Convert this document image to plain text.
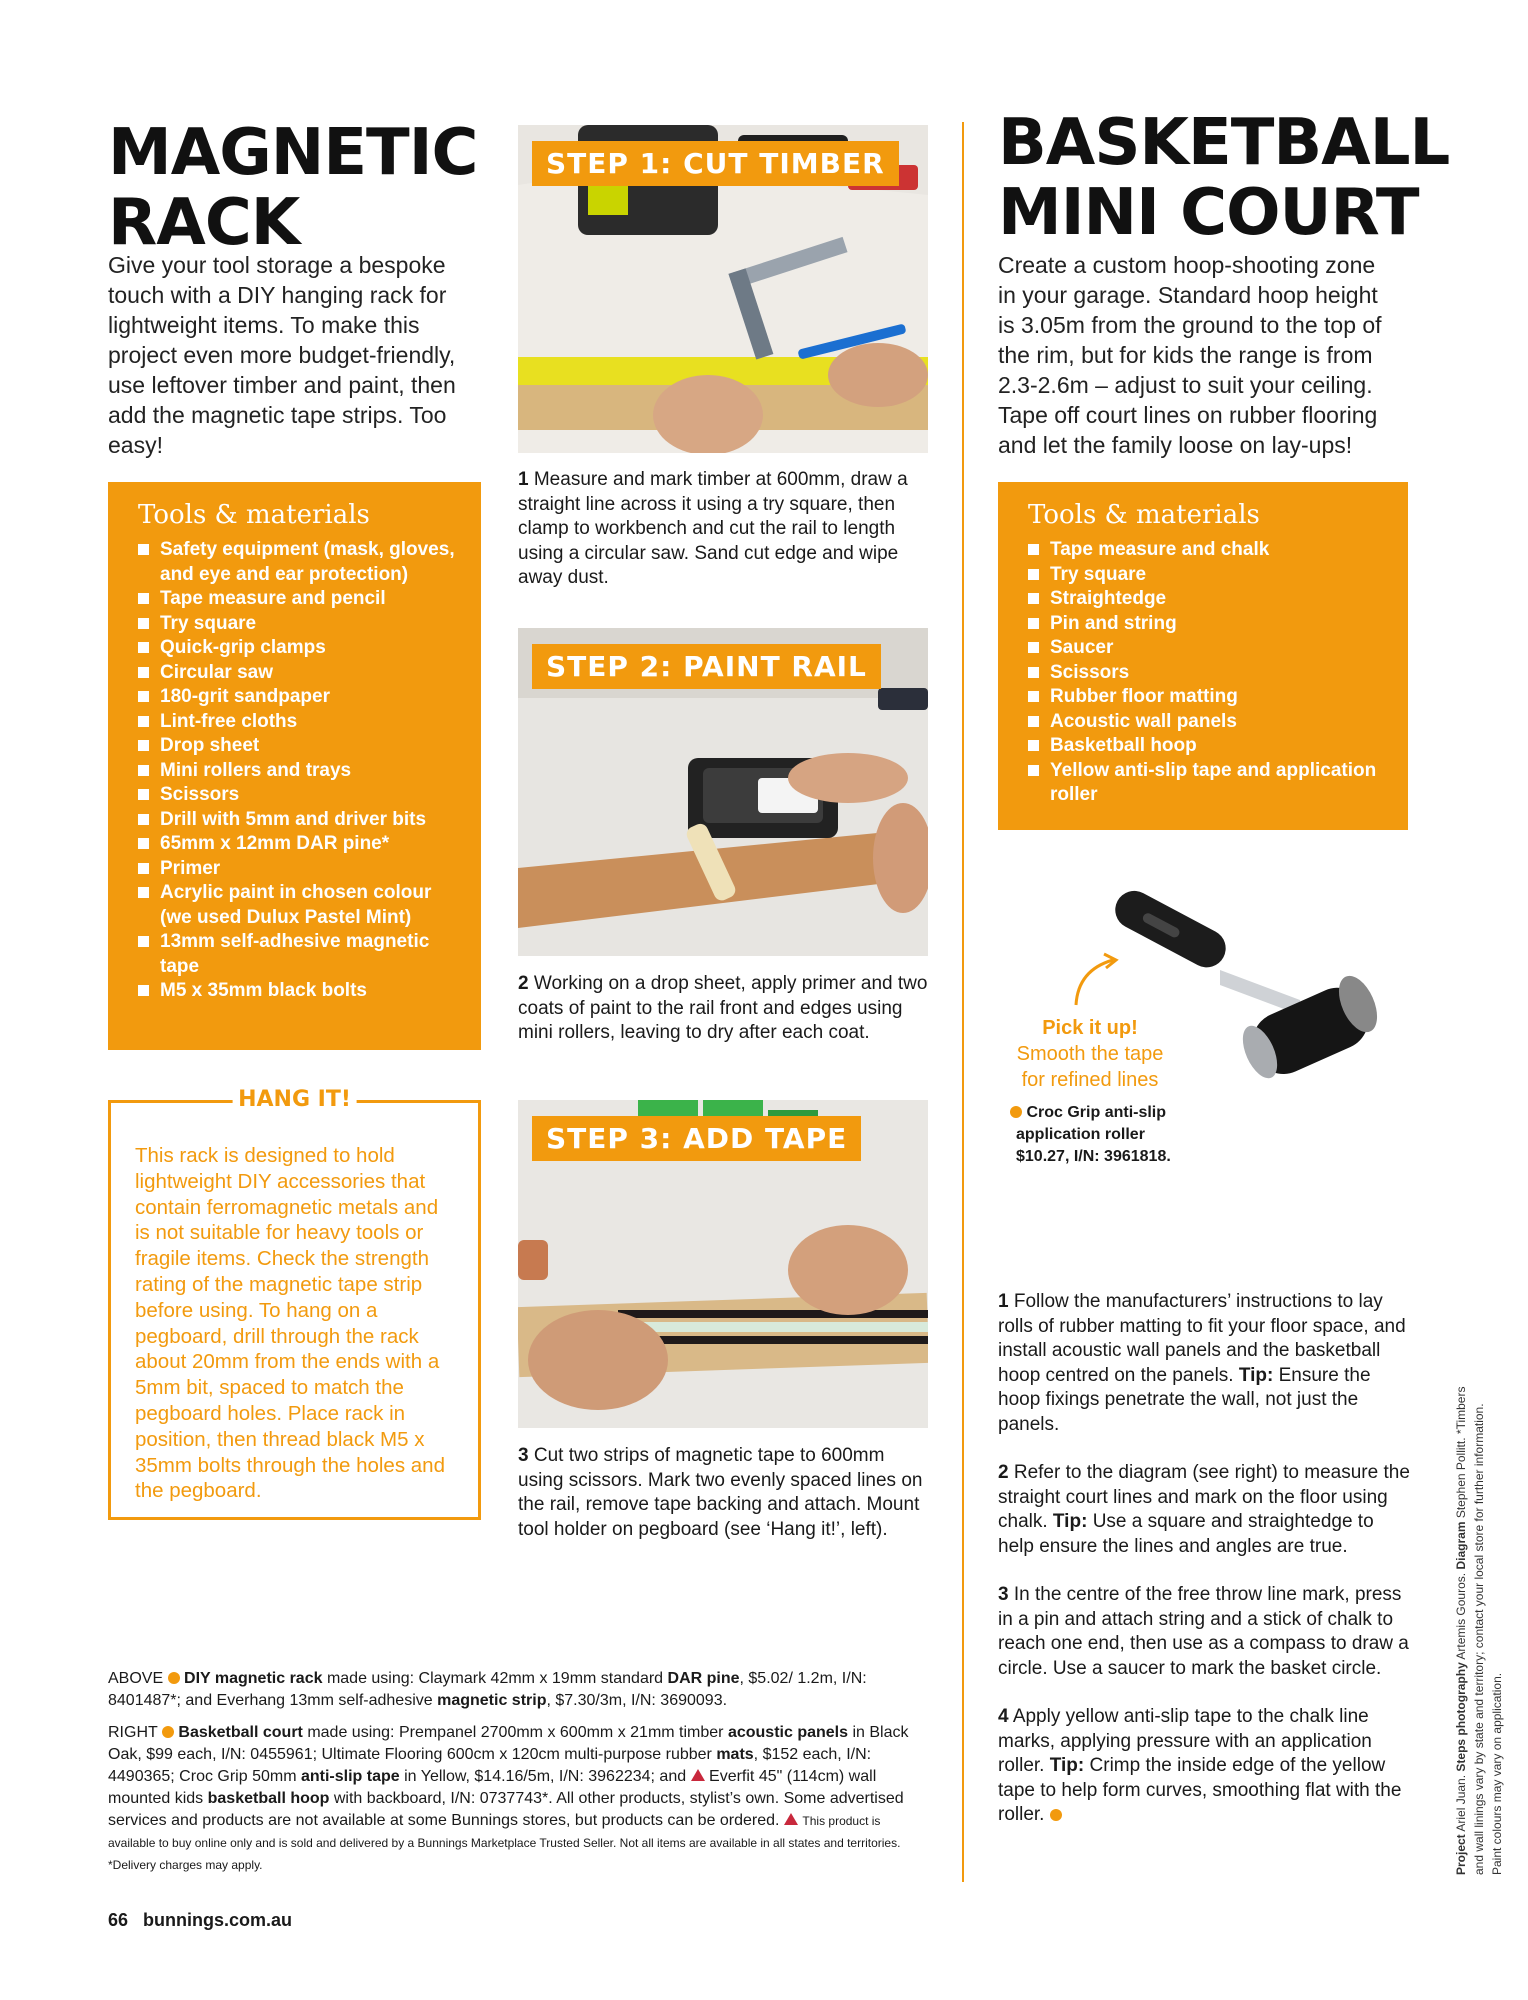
MAGNETIC
RACK

Give your tool storage a bespoke touch with a DIY hanging rack for lightweight items. To make this project even more budget-friendly, use leftover timber and paint, then add the magnetic tape strips. Too easy!

Tools & materials
Safety equipment (mask, gloves, and eye and ear protection)
Tape measure and pencil
Try square
Quick-grip clamps
Circular saw
180-grit sandpaper
Lint-free cloths
Drop sheet
Mini rollers and trays
Scissors
Drill with 5mm and driver bits
65mm x 12mm DAR pine*
Primer
Acrylic paint in chosen colour (we used Dulux Pastel Mint)
13mm self-adhesive magnetic tape
M5 x 35mm black bolts
HANG IT!

This rack is designed to hold lightweight DIY accessories that contain ferromagnetic metals and is not suitable for heavy tools or fragile items. Check the strength rating of the magnetic tape strip before using. To hang on a pegboard, drill through the rack about 20mm from the ends with a 5mm bit, spaced to match the pegboard holes. Place rack in position, then thread black M5 x 35mm bolts through the holes and the pegboard.

STEP 1: CUT TIMBER

1 Measure and mark timber at 600mm, draw a straight line across it using a try square, then clamp to workbench and cut the rail to length using a circular saw. Sand cut edge and wipe away dust.

STEP 2: PAINT RAIL

2 Working on a drop sheet, apply primer and two coats of paint to the rail front and edges using mini rollers, leaving to dry after each coat.

STEP 3: ADD TAPE

3 Cut two strips of magnetic tape to 600mm using scissors. Mark two evenly spaced lines on the rail, remove tape backing and attach. Mount tool holder on pegboard (see ‘Hang it!’, left).

BASKETBALL
MINI COURT

Create a custom hoop-shooting zone in your garage. Standard hoop height is 3.05m from the ground to the top of the rim, but for kids the range is from 2.3-2.6m – adjust to suit your ceiling. Tape off court lines on rubber flooring and let the family loose on lay-ups!

Tools & materials
Tape measure and chalk
Try square
Straightedge
Pin and string
Saucer
Scissors
Rubber floor matting
Acoustic wall panels
Basketball hoop
Yellow anti-slip tape and application roller
Pick it up!
Smooth the tape
for refined lines
Croc Grip anti-slip
application roller
$10.27, I/N: 3961818.

1 Follow the manufacturers’ instructions to lay rolls of rubber matting to fit your floor space, and install acoustic wall panels and the basketball hoop centred on the panels. Tip: Ensure the hoop fixings penetrate the wall, not just the panels.

2 Refer to the diagram (see right) to measure the straight court lines and mark on the floor using chalk. Tip: Use a square and straightedge to help ensure the lines and angles are true.

3 In the centre of the free throw line mark, press in a pin and attach string and a stick of chalk to reach one end, then use as a compass to draw a circle. Use a saucer to mark the basket circle.

4 Apply yellow anti-slip tape to the chalk line marks, applying pressure with an application roller. Tip: Crimp the inside edge of the yellow tape to help form curves, smoothing flat with the roller.

ABOVE DIY magnetic rack made using: Claymark 42mm x 19mm standard DAR pine, $5.02/ 1.2m, I/N: 8401487*; and Everhang 13mm self-adhesive magnetic strip, $7.30/3m, I/N: 3690093.

RIGHT Basketball court made using: Prempanel 2700mm x 600mm x 21mm timber acoustic panels in Black Oak, $99 each, I/N: 0455961; Ultimate Flooring 600cm x 120cm multi-purpose rubber mats, $152 each, I/N: 4490365; Croc Grip 50mm anti-slip tape in Yellow, $14.16/5m, I/N: 3962234; and Everfit 45" (114cm) wall mounted kids basketball hoop with backboard, I/N: 0737743*. All other products, stylist’s own. Some advertised services and products are not available at some Bunnings stores, but products can be ordered. This product is available to buy online only and is sold and delivered by a Bunnings Marketplace Trusted Seller. Not all items are available in all states and territories. *Delivery charges may apply.	Project Ariel Juan. Steps photography Artemis Gouros. Diagram Stephen Pollitt. *Timbers and wall linings vary by state and territory; contact your local store for further information. Paint colours may vary on application.
66 bunnings.com.au
